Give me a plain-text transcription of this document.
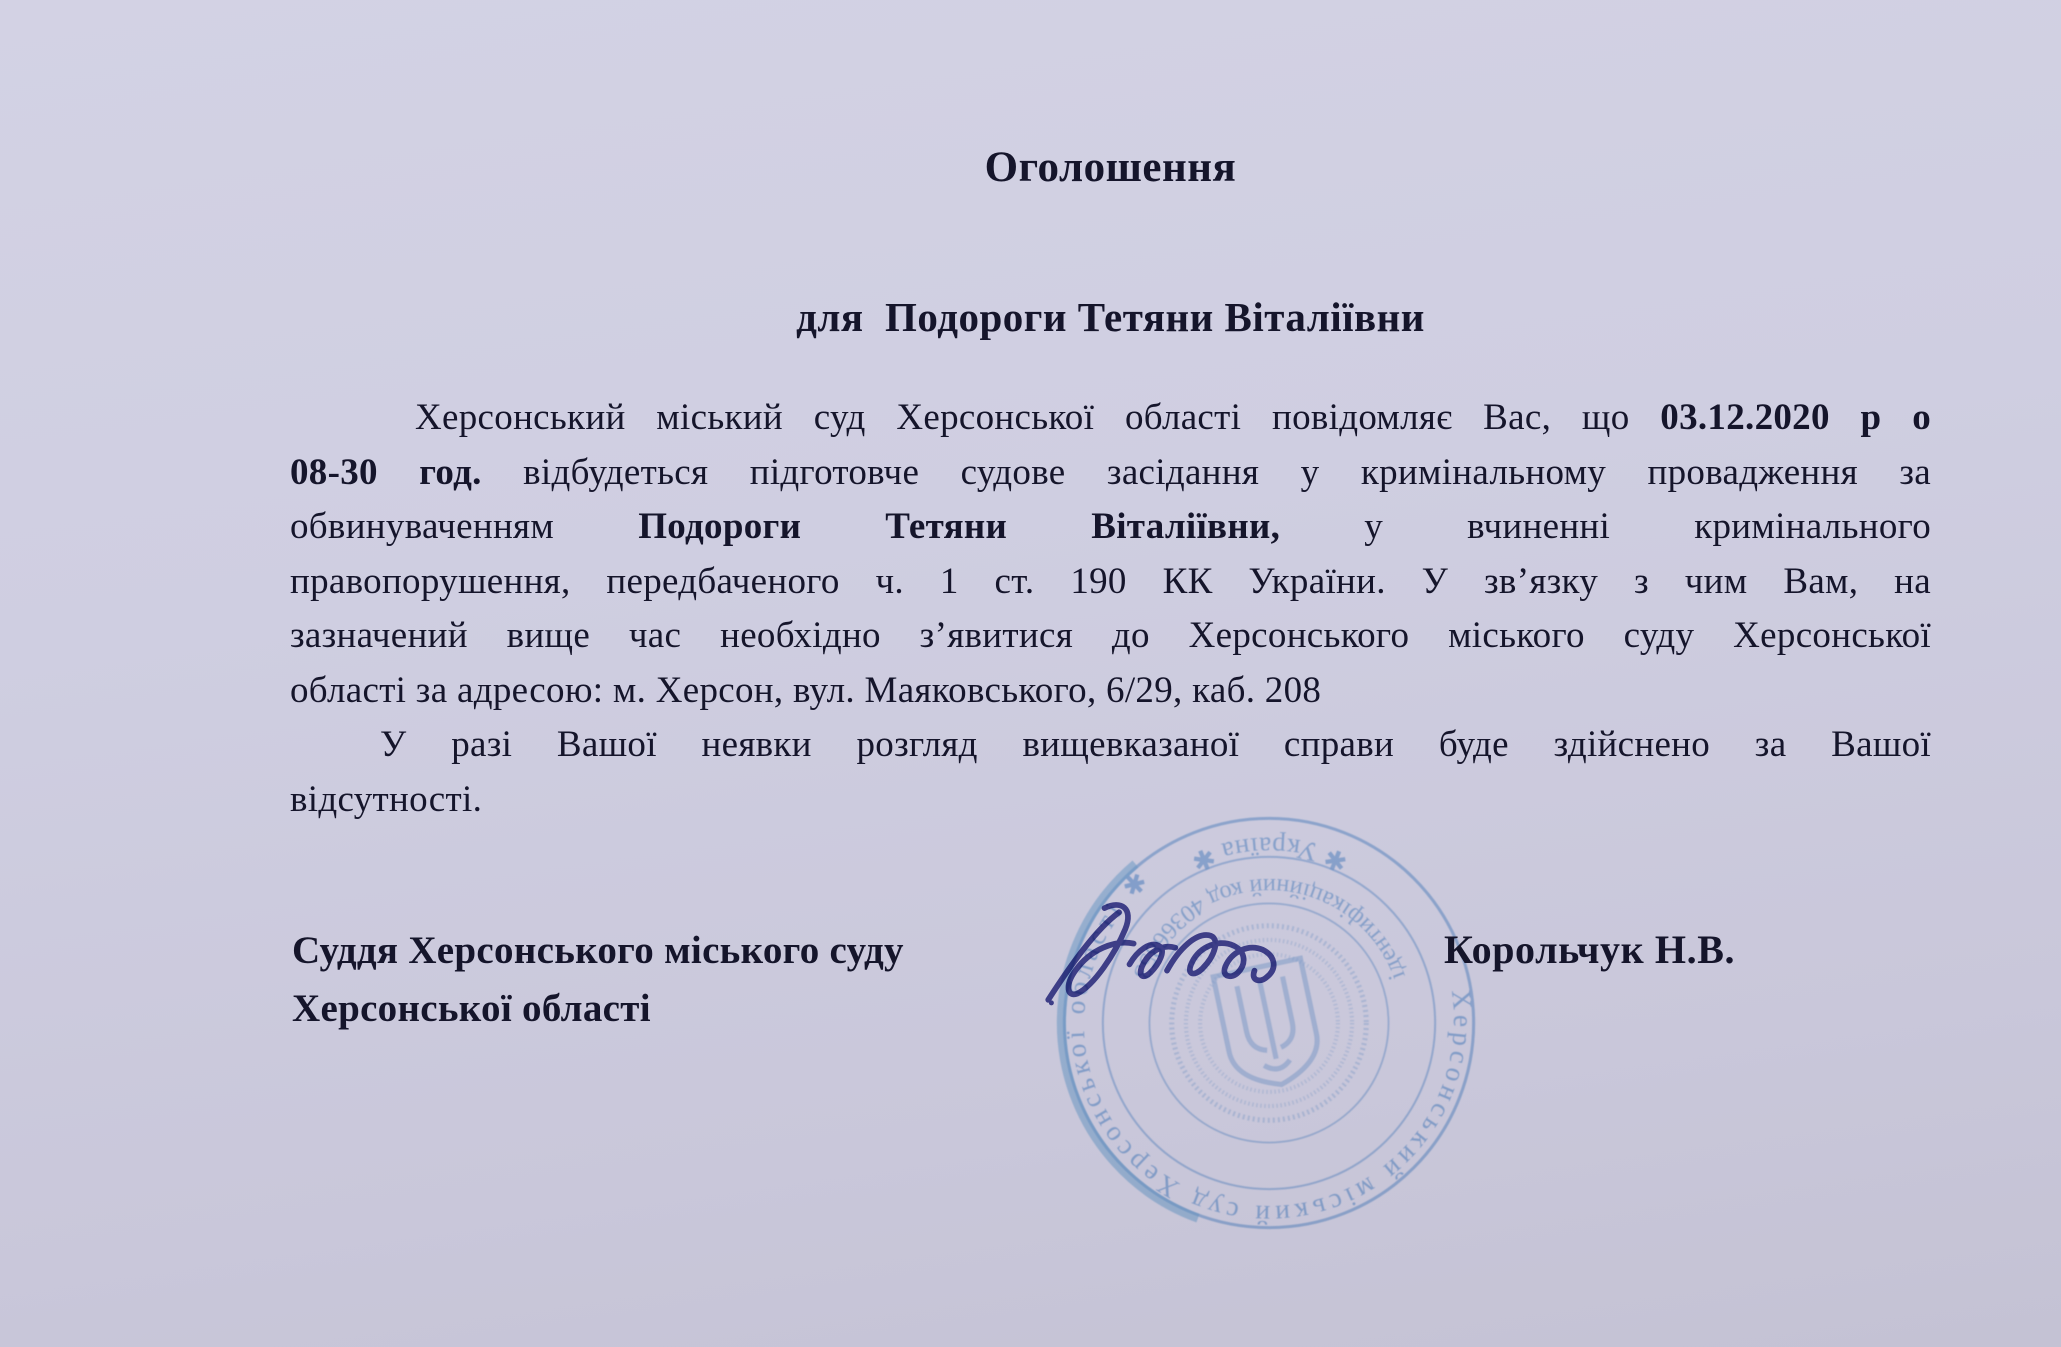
Оголошення
для  Подороги Тетяни Віталіївни
Херсонський міський суд Херсонської області повідомляє Вас, що 03.12.2020 р о
08-30 год. відбудеться підготовче судове засідання у кримінальному провадження за
обвинуваченням Подороги Тетяни Віталіївни, у вчиненні кримінального
правопорушення, передбаченого ч. 1 ст. 190 КК України. У зв’язку з чим Вам, на
зазначений вище час необхідно з’явитися до Херсонського міського суду Херсонської
області за адресою: м. Херсон, вул. Маяковського, 6/29, каб. 208
У разі Вашої неявки розгляд вищевказаної справи буде здійснено за Вашої
відсутності.
Херсонський міський суд Херсонської області ✱
✱ Україна ✱
ідентифікаційний код 40366853
Суддя Херсонського міського суду
Херсонської області
Корольчук Н.В.
